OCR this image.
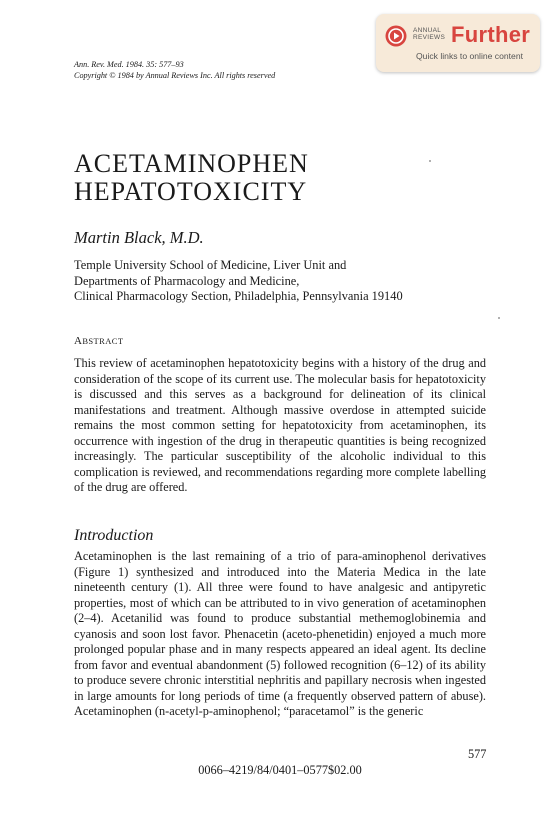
Ann. Rev. Med. 1984. 35: 577–93
Copyright © 1984 by Annual Reviews Inc. All rights reserved
ANNUAL
REVIEWS Further
Quick links to online content
ACETAMINOPHEN
HEPATOTOXICITY
Martin Black, M.D.
Temple University School of Medicine, Liver Unit and
Departments of Pharmacology and Medicine,
Clinical Pharmacology Section, Philadelphia, Pennsylvania 19140
ABSTRACT

This review of acetaminophen hepatotoxicity begins with a history of the drug and consideration of the scope of its current use. The molecular basis for hepatotoxicity is discussed and this serves as a background for delineation of its clinical manifestations and treatment. Although massive overdose in attempted suicide remains the most common setting for hepatotoxicity from acetaminophen, its occurrence with ingestion of the drug in therapeutic quantities is being recognized increasingly. The particular susceptibility of the alcoholic individual to this complication is reviewed, and recommendations regarding more complete labelling of the drug are offered.

Introduction

Acetaminophen is the last remaining of a trio of para-aminophenol derivatives (Figure 1) synthesized and introduced into the Materia Medica in the late nineteenth century (1). All three were found to have analgesic and antipyretic properties, most of which can be attributed to in vivo generation of acetaminophen (2–4). Acetanilid was found to produce substantial methemoglobinemia and cyanosis and soon lost favor. Phenacetin (aceto-phenetidin) enjoyed a much more prolonged popular phase and in many respects appeared an ideal agent. Its decline from favor and eventual abandonment (5) followed recognition (6–12) of its ability to produce severe chronic interstitial nephritis and papillary necrosis when ingested in large amounts for long periods of time (a frequently observed pattern of abuse). Acetaminophen (n-acetyl-p-aminophenol; “paracetamol” is the generic

577
0066–4219/84/0401–0577$02.00
